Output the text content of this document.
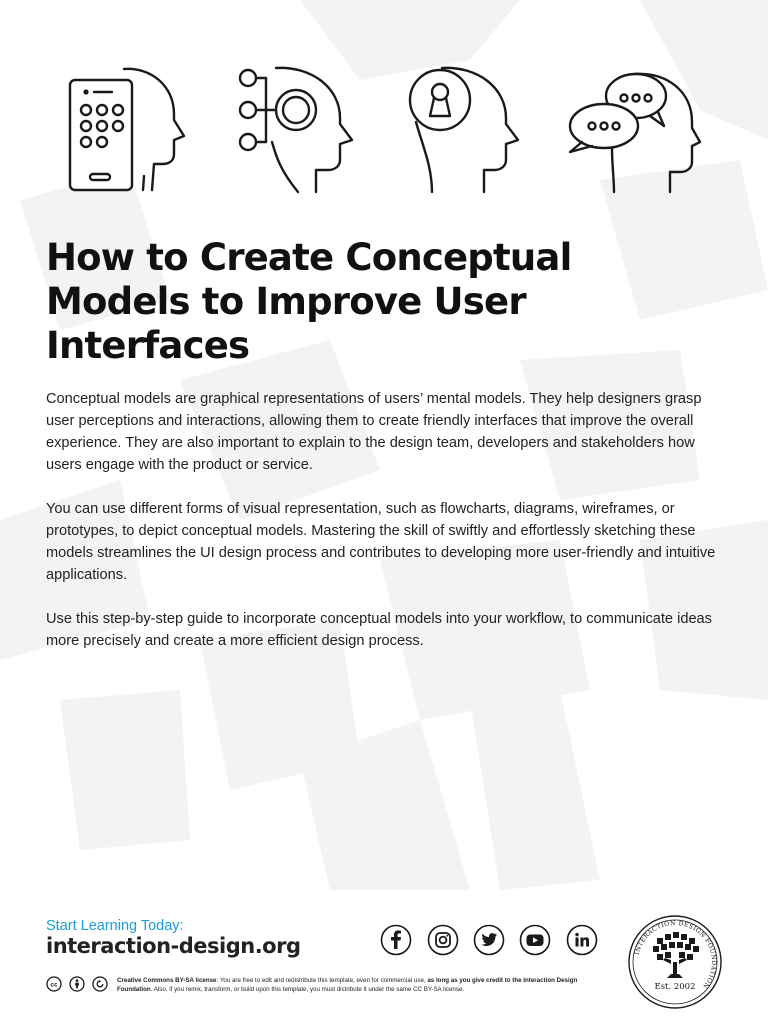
How to Create Conceptual Models to Improve User Interfaces

Conceptual models are graphical representations of users’ mental models. They help designers grasp user perceptions and interactions, allowing them to create friendly interfaces that improve the overall experience. They are also important to explain to the design team, developers and stakeholders how users engage with the product or service.

You can use different forms of visual representation, such as flowcharts, diagrams, wireframes, or prototypes, to depict conceptual models. Mastering the skill of swiftly and effortlessly sketching these models streamlines the UI design process and contributes to developing more user-friendly and intuitive applications.

Use this step-by-step guide to incorporate conceptual models into your workflow, to communicate ideas more precisely and create a more efficient design process.

Start Learning Today:
interaction-design.org
cc
Creative Commons BY-SA license: You are free to edit and redistribute this template, even for commercial use, as long as you give credit to the Interaction Design Foundation. Also, if you remix, transform, or build upon this template, you must distribute it under the same CC BY-SA license.
INTERACTION DESIGN FOUNDATION
Est. 2002
